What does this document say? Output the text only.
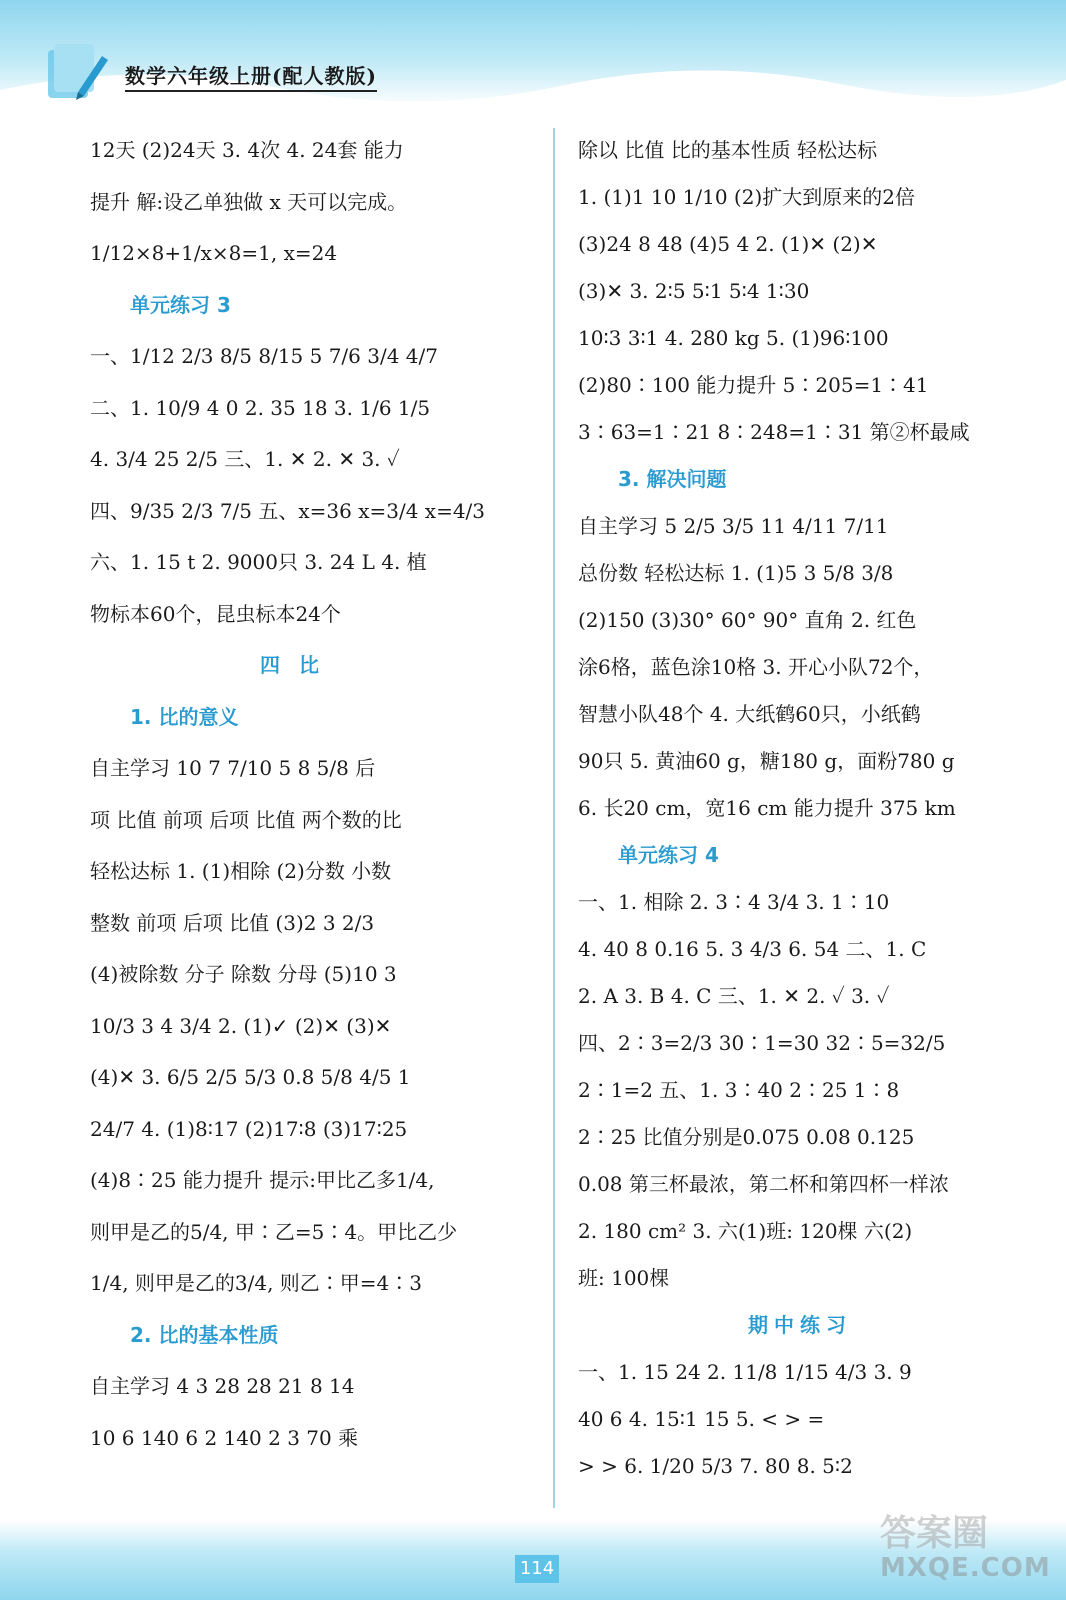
数学六年级上册(配人教版)
12天 (2)24天 3. 4次 4. 24套 能力
提升 解:设乙单独做 x 天可以完成。
1/12×8+1/x×8=1, x=24
单元练习 3
一、1/12 2/3 8/5 8/15 5 7/6 3/4 4/7
二、1. 10/9 4 0 2. 35 18 3. 1/6 1/5
4. 3/4 25 2/5 三、1. ✕ 2. ✕ 3. ✓
四、9/35 2/3 7/5 五、x=36 x=3/4 x=4/3
六、1. 15 t 2. 9000只 3. 24 L 4. 植
物标本60个，昆虫标本24个
四 比
1. 比的意义
自主学习 10 7 7/10 5 8 5/8 后
项 比值 前项 后项 比值 两个数的比
轻松达标 1. (1)相除 (2)分数 小数
整数 前项 后项 比值 (3)2 3 2/3
(4)被除数 分子 除数 分母 (5)10 3
10/3 3 4 3/4 2. (1)✓ (2)✕ (3)✕
(4)✕ 3. 6/5 2/5 5/3 0.8 5/8 4/5 1
24/7 4. (1)8∶17 (2)17∶8 (3)17∶25
(4)8∶25 能力提升 提示:甲比乙多1/4,
则甲是乙的5/4, 甲∶乙=5∶4。甲比乙少
1/4, 则甲是乙的3/4, 则乙∶甲=4∶3
2. 比的基本性质
自主学习 4 3 28 28 21 8 14
10 6 140 6 2 140 2 3 70 乘
除以 比值 比的基本性质 轻松达标
1. (1)1 10 1/10 (2)扩大到原来的2倍
(3)24 8 48 (4)5 4 2. (1)✕ (2)✕
(3)✕ 3. 2∶5 5∶1 5∶4 1∶30
10∶3 3∶1 4. 280 kg 5. (1)96∶100
(2)80∶100 能力提升 5∶205=1∶41
3∶63=1∶21 8∶248=1∶31 第②杯最咸
3. 解决问题
自主学习 5 2/5 3/5 11 4/11 7/11
总份数 轻松达标 1. (1)5 3 5/8 3/8
(2)150 (3)30° 60° 90° 直角 2. 红色
涂6格，蓝色涂10格 3. 开心小队72个，
智慧小队48个 4. 大纸鹤60只，小纸鹤
90只 5. 黄油60 g，糖180 g，面粉780 g
6. 长20 cm，宽16 cm 能力提升 375 km
单元练习 4
一、1. 相除 2. 3∶4 3/4 3. 1∶10
4. 40 8 0.16 5. 3 4/3 6. 54 二、1. C
2. A 3. B 4. C 三、1. ✕ 2. ✓ 3. ✓
四、2∶3=2/3 30∶1=30 32∶5=32/5
2∶1=2 五、1. 3∶40 2∶25 1∶8
2∶25 比值分别是0.075 0.08 0.125
0.08 第三杯最浓，第二杯和第四杯一样浓
2. 180 cm² 3. 六(1)班: 120棵 六(2)
班: 100棵
期中练习
一、1. 15 24 2. 11/8 1/15 4/3 3. 9
40 6 4. 15∶1 15 5. < > =
> > 6. 1/20 5/3 7. 80 8. 5∶2
114
答案圈
MXQE.COM
